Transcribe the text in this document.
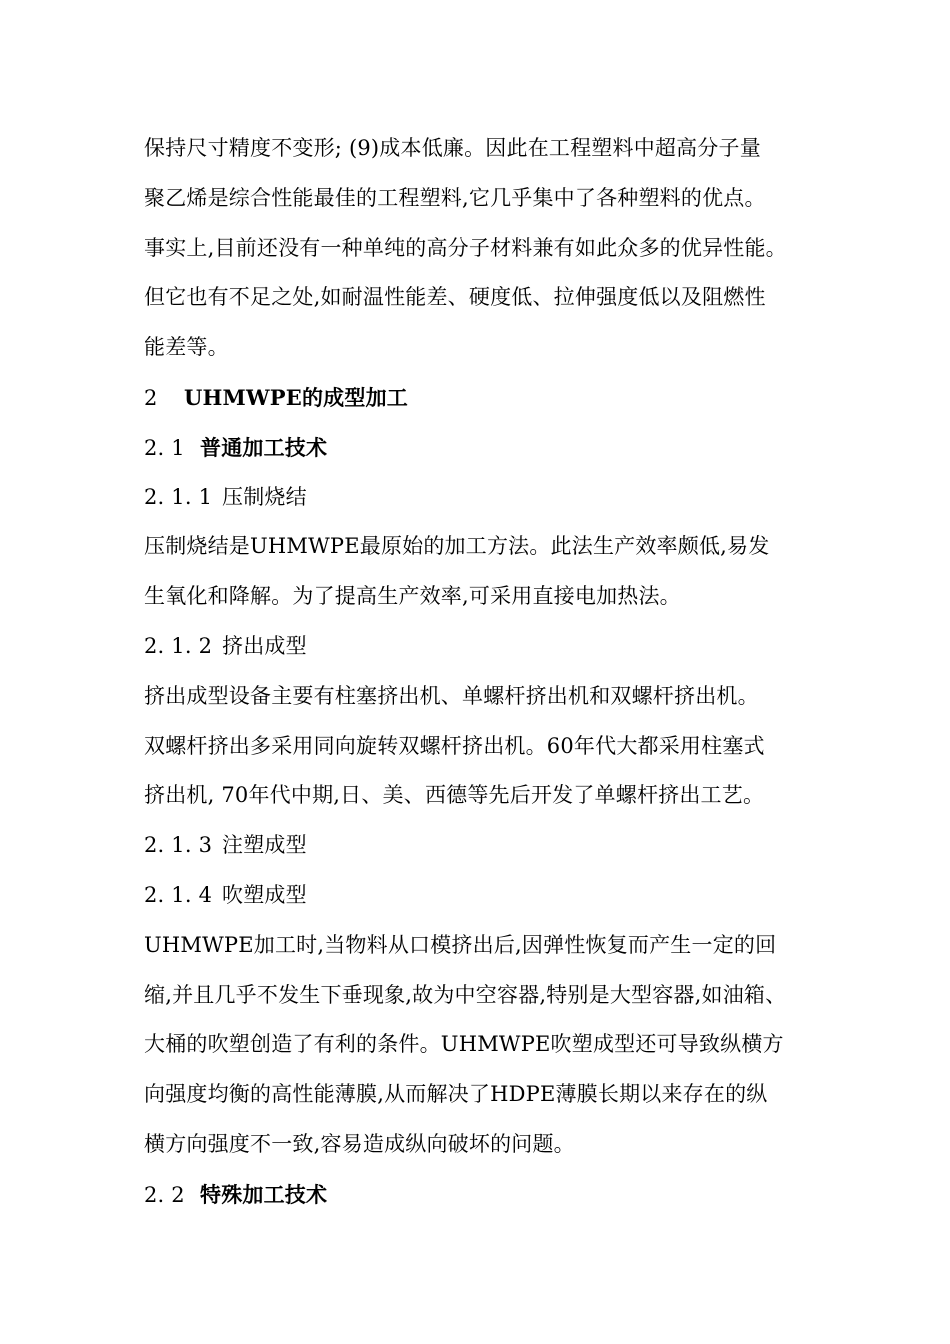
保持尺寸精度不变形; (9)成本低廉。因此在工程塑料中超高分子量
聚乙烯是综合性能最佳的工程塑料,它几乎集中了各种塑料的优点。
事实上,目前还没有一种单纯的高分子材料兼有如此众多的优异性能。
但它也有不足之处,如耐温性能差、硬度低、拉伸强度低以及阻燃性
能差等。
2 UHMWPE的成型加工
2. 1 普通加工技术
2. 1. 1 压制烧结
压制烧结是UHMWPE最原始的加工方法。此法生产效率颇低,易发
生氧化和降解。为了提高生产效率,可采用直接电加热法。
2. 1. 2 挤出成型
挤出成型设备主要有柱塞挤出机、单螺杆挤出机和双螺杆挤出机。
双螺杆挤出多采用同向旋转双螺杆挤出机。60年代大都采用柱塞式
挤出机, 70年代中期,日、美、西德等先后开发了单螺杆挤出工艺。
2. 1. 3 注塑成型
2. 1. 4 吹塑成型
UHMWPE加工时,当物料从口模挤出后,因弹性恢复而产生一定的回
缩,并且几乎不发生下垂现象,故为中空容器,特别是大型容器,如油箱、
大桶的吹塑创造了有利的条件。UHMWPE吹塑成型还可导致纵横方
向强度均衡的高性能薄膜,从而解决了HDPE薄膜长期以来存在的纵
横方向强度不一致,容易造成纵向破坏的问题。
2. 2 特殊加工技术
